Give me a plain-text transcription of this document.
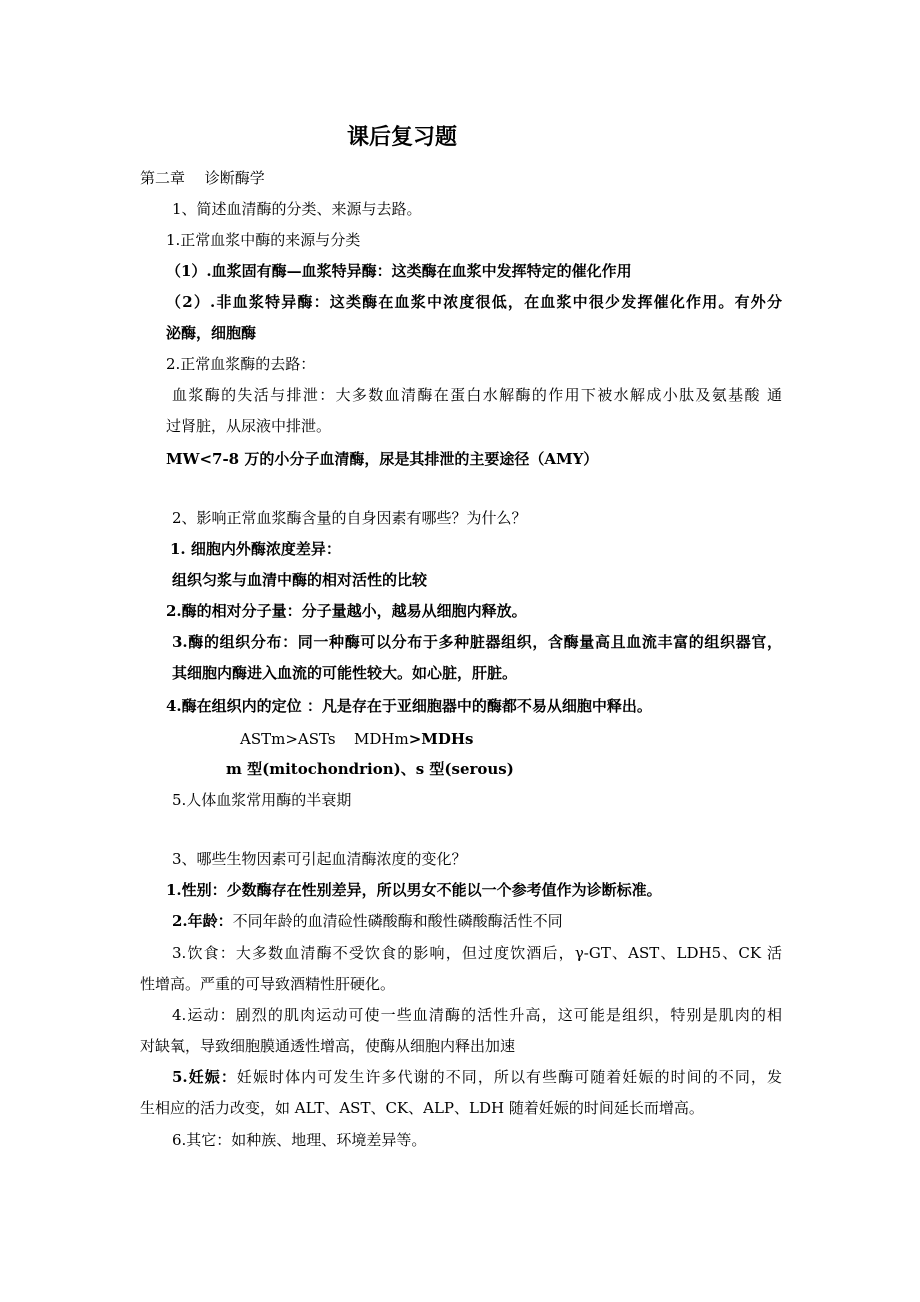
课后复习题
第二章　 诊断酶学
1、简述血清酶的分类、来源与去路。
1.正常血浆中酶的来源与分类
（1）.血浆固有酶—血浆特异酶：这类酶在血浆中发挥特定的催化作用
（2）.非血浆特异酶：这类酶在血浆中浓度很低，在血浆中很少发挥催化作用。有外分
泌酶，细胞酶
2.正常血浆酶的去路：
血浆酶的失活与排泄：大多数血清酶在蛋白水解酶的作用下被水解成小肽及氨基酸 通
过肾脏，从尿液中排泄。
MW<7-8 万的小分子血清酶，尿是其排泄的主要途径（AMY）
2、影响正常血浆酶含量的自身因素有哪些？为什么？
1. 细胞内外酶浓度差异：
组织匀浆与血清中酶的相对活性的比较
2.酶的相对分子量：分子量越小，越易从细胞内释放。
3.酶的组织分布：同一种酶可以分布于多种脏器组织，含酶量高且血流丰富的组织器官，
其细胞内酶进入血流的可能性较大。如心脏，肝脏。
4.酶在组织内的定位 ：凡是存在于亚细胞器中的酶都不易从细胞中释出。
ASTm>ASTs MDHm>MDHs
m 型(mitochondrion)、s 型(serous)
5.人体血浆常用酶的半衰期
3、哪些生物因素可引起血清酶浓度的变化？
1.性别：少数酶存在性别差异，所以男女不能以一个参考值作为诊断标准。
2.年龄：不同年龄的血清硷性磷酸酶和酸性磷酸酶活性不同
3.饮食：大多数血清酶不受饮食的影响，但过度饮酒后，γ-GT、AST、LDH5、CK 活
性增高。严重的可导致酒精性肝硬化。
4.运动：剧烈的肌肉运动可使一些血清酶的活性升高，这可能是组织，特别是肌肉的相
对缺氧，导致细胞膜通透性增高，使酶从细胞内释出加速
5.妊娠：妊娠时体内可发生许多代谢的不同，所以有些酶可随着妊娠的时间的不同，发
生相应的活力改变，如 ALT、AST、CK、ALP、LDH 随着妊娠的时间延长而增高。
6.其它：如种族、地理、环境差异等。
